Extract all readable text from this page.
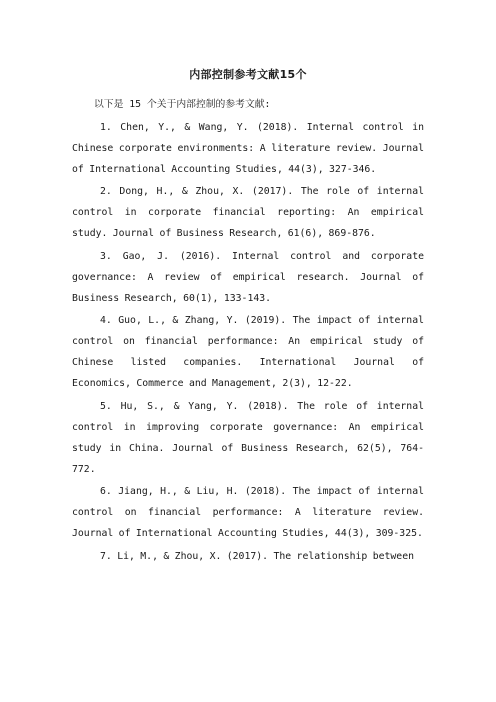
内部控制参考文献15个

以下是 15 个关于内部控制的参考文献:

1. Chen, Y., & Wang, Y. (2018). Internal control in Chinese corporate environments: A literature review. Journal of International Accounting Studies, 44(3), 327-346.

2. Dong, H., & Zhou, X. (2017). The role of internal control in corporate financial reporting: An empirical study. Journal of Business Research, 61(6), 869-876.

3. Gao, J. (2016). Internal control and corporate governance: A review of empirical research. Journal of Business Research, 60(1), 133-143.

4. Guo, L., & Zhang, Y. (2019). The impact of internal control on financial performance: An empirical study of Chinese listed companies. International Journal of Economics, Commerce and Management, 2(3), 12-22.

5. Hu, S., & Yang, Y. (2018). The role of internal control in improving corporate governance: An empirical study in China. Journal of Business Research, 62(5), 764-772.

6. Jiang, H., & Liu, H. (2018). The impact of internal control on financial performance: A literature review. Journal of International Accounting Studies, 44(3), 309-325.

7. Li, M., & Zhou, X. (2017). The relationship between
